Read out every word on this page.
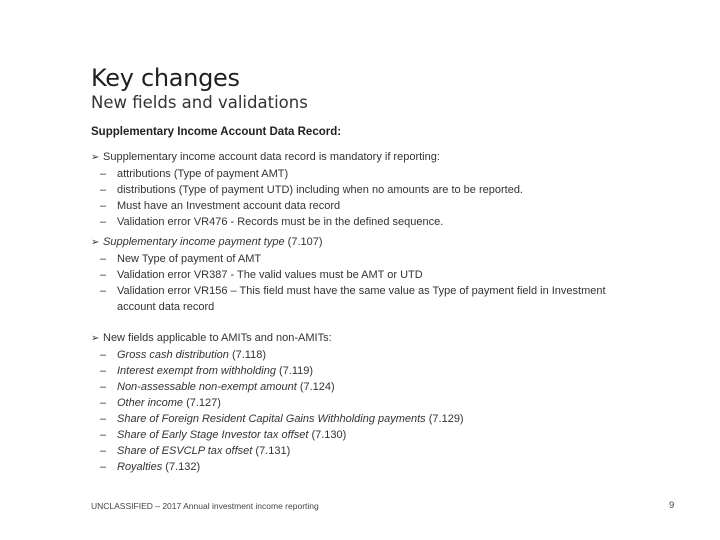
Key changes
New fields and validations
Supplementary Income Account Data Record:
➢ Supplementary income account data record is mandatory if reporting:
– attributions (Type of payment AMT)
– distributions (Type of payment UTD) including when no amounts are to be reported.
– Must have an Investment account data record
– Validation error VR476 - Records must be in the defined sequence.
➢ Supplementary income payment type (7.107)
– New Type of payment of AMT
– Validation error VR387 - The valid values must be AMT or UTD
– Validation error VR156 – This field must have the same value as Type of payment field in Investment account data record
➢ New fields applicable to AMITs and non-AMITs:
– Gross cash distribution (7.118)
– Interest exempt from withholding (7.119)
– Non-assessable non-exempt amount (7.124)
– Other income (7.127)
– Share of Foreign Resident Capital Gains Withholding payments (7.129)
– Share of Early Stage Investor tax offset (7.130)
– Share of ESVCLP tax offset (7.131)
– Royalties (7.132)
UNCLASSIFIED – 2017 Annual investment income reporting	9
